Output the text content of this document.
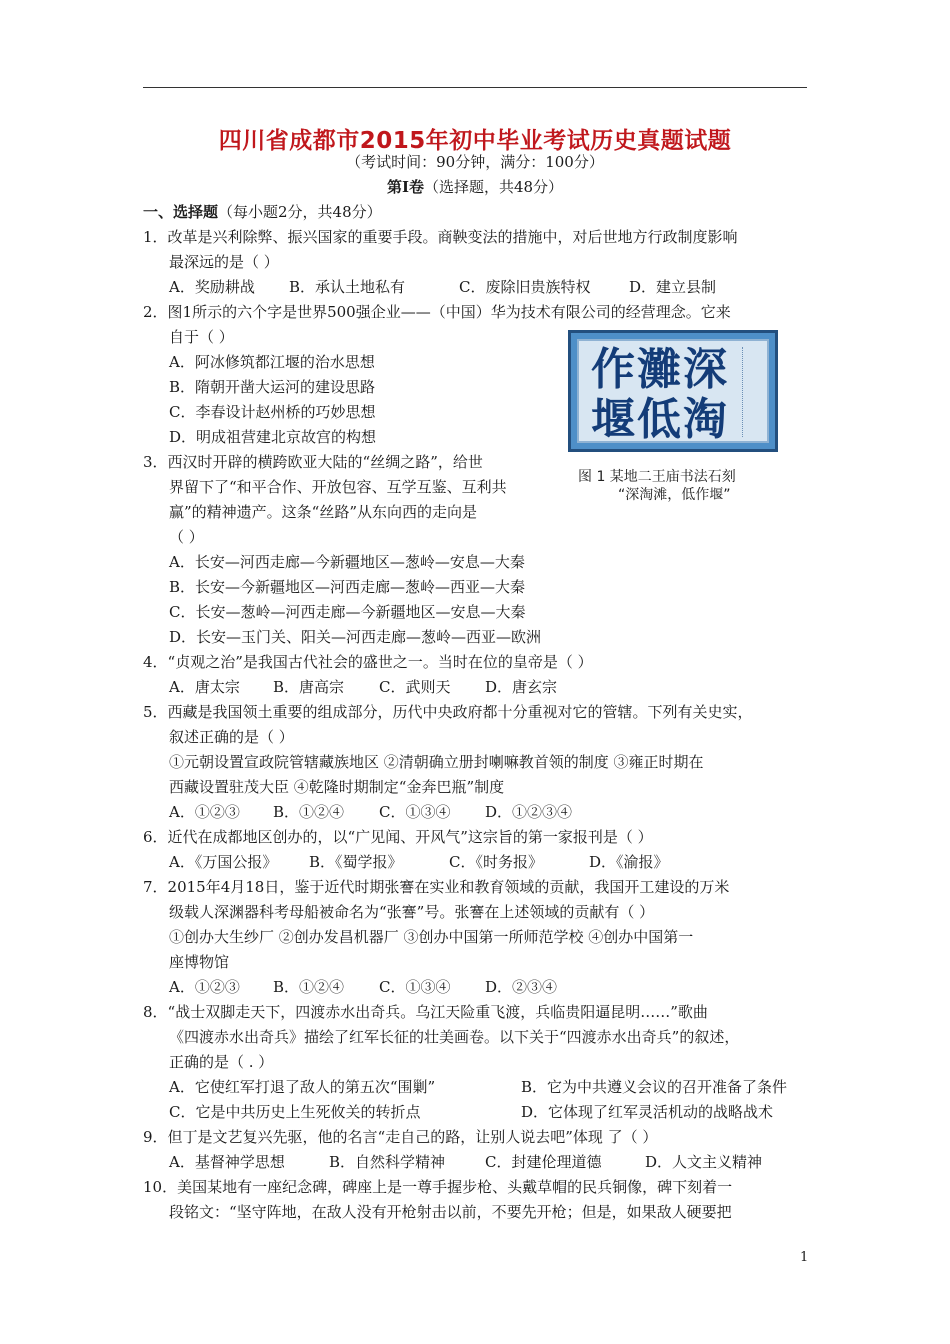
四川省成都市2015年初中毕业考试历史真题试题
（考试时间：90分钟，满分：100分）
第Ⅰ卷（选择题，共48分）
一、选择题（每小题2分，共48分）
1．改革是兴利除弊、振兴国家的重要手段。商鞅变法的措施中，对后世地方行政制度影响
最深远的是（ ）
A．奖励耕战 B．承认土地私有	C．废除旧贵族特权	D．建立县制
2．图1所示的六个字是世界500强企业——（中国）华为技术有限公司的经营理念。它来
自于（ ）
A．阿冰修筑都江堰的治水思想
B．隋朝开凿大运河的建设思路
C．李春设计赵州桥的巧妙思想
D．明成祖营建北京故宫的构想
3．西汉时开辟的横跨欧亚大陆的“丝绸之路”，给世
界留下了“和平合作、开放包容、互学互鉴、互利共
赢”的精神遗产。这条“丝路”从东向西的走向是
（ ）
A．长安—河西走廊—今新疆地区—葱岭—安息—大秦
B．长安—今新疆地区—河西走廊—葱岭—西亚—大秦
C．长安—葱岭—河西走廊—今新疆地区—安息—大秦
D．长安—玉门关、阳关—河西走廊—葱岭—西亚—欧洲
4．“贞观之治”是我国古代社会的盛世之一。当时在位的皇帝是（ ）
A．唐太宗 B．唐高宗 C．武则天 D．唐玄宗
5．西藏是我国领土重要的组成部分，历代中央政府都十分重视对它的管辖。下列有关史实，
叙述正确的是（ ）
①元朝设置宣政院管辖藏族地区 ②清朝确立册封喇嘛教首领的制度 ③雍正时期在
西藏设置驻茂大臣 ④乾隆时期制定“金奔巴瓶”制度
A．①②③ B．①②④ C．①③④ D．①②③④
6．近代在成都地区创办的，以“广见闻、开风气”这宗旨的第一家报刊是（ ）
A．《万国公报》 B．《蜀学报》	C．《时务报》	D．《渝报》
7．2015年4月18日，鉴于近代时期张謇在实业和教育领域的贡献，我国开工建设的万米
级载人深渊器科考母船被命名为“张謇”号。张謇在上述领域的贡献有（ ）
①创办大生纱厂 ②创办发昌机器厂 ③创办中国第一所师范学校 ④创办中国第一
座博物馆
A．①②③ B．①②④ C．①③④ D．②③④
8．“战士双脚走天下，四渡赤水出奇兵。乌江天险重飞渡，兵临贵阳逼昆明……”歌曲
《四渡赤水出奇兵》描绘了红军长征的壮美画卷。以下关于“四渡赤水出奇兵”的叙述，
正确的是（ . ）
A．它使红军打退了敌人的第五次“围剿”	B．它为中共遵义会议的召开准备了条件
C．它是中共历史上生死攸关的转折点	D．它体现了红军灵活机动的战略战术
9．但丁是文艺复兴先驱，他的名言“走自己的路，让别人说去吧”体现 了（ ）
A．基督神学思想	B．自然科学精神	C．封建伦理道德	D．人文主义精神
10．美国某地有一座纪念碑，碑座上是一尊手握步枪、头戴草帽的民兵铜像，碑下刻着一
段铭文：“坚守阵地，在敌人没有开枪射击以前，不要先开枪；但是，如果敌人硬要把
作灘深
堰低淘
图 1 某地二王庙书法石刻
“深淘滩，低作堰”
1
